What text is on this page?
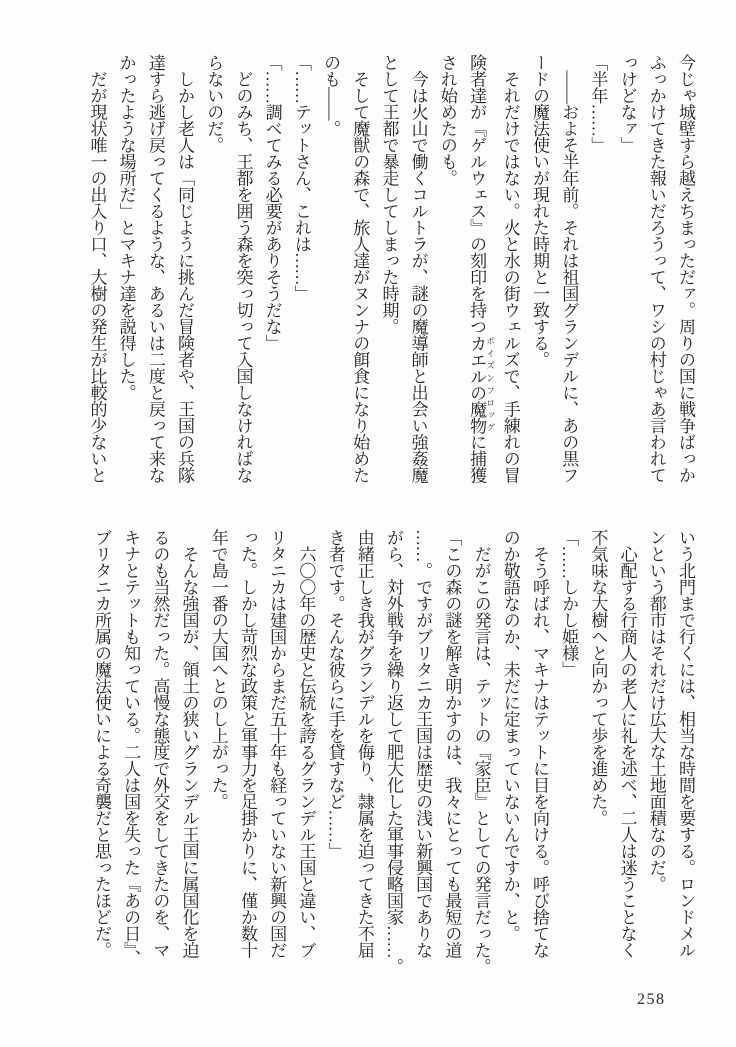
今じゃ城壁すら越えちまっただァ。周りの国に戦争ばっか

ふっかけてきた報いだろうって、ワシの村じゃあ言われて

っけどなァ」

「半年……」

　――およそ半年前。それは祖国グランデルに、あの黒フ

ードの魔法使いが現れた時期と一致する。

　それだけではない。火と水の街ウェルズで、手練れの冒

険者達が『ゲルウェス』の刻印を持つカエルの魔物 ポイズンフロッグに捕獲

され始めたのも。

　今は火山で働くコルトラが、謎の魔導師と出会い強姦魔

として王都で暴走してしまった時期。

　そして魔獣の森で、旅人達がヌンナの餌食になり始めた

のも――。

「……テットさん、これは……」

「……調べてみる必要がありそうだな」

　どのみち、王都を囲う森を突っ切って入国しなければな

らないのだ。

　しかし老人は「同じように挑んだ冒険者や、王国の兵隊

達すら逃げ戻ってくるような、あるいは二度と戻って来な

かったような場所だ」とマキナ達を説得した。

　だが現状唯一の出入り口、大樹の発生が比較的少ないと

いう北門まで行くには、相当な時間を要する。ロンドメル

ンという都市はそれだけ広大な土地面積なのだ。

　心配する行商人の老人に礼を述べ、二人は迷うことなく

不気味な大樹へと向かって歩を進めた。

「……しかし姫様」

　そう呼ばれ、マキナはテットに目を向ける。呼び捨てな

のか敬語なのか、未だに定まっていないんですか、と。

　だがこの発言は、テットの『家臣』としての発言だった。

「この森の謎を解き明かすのは、我々にとっても最短の道

……。ですがブリタニカ王国は歴史の浅い新興国でありな

がら、対外戦争を繰り返して肥大化した軍事侵略国家……。

由緒正しき我がグランデルを侮り、隷属を迫ってきた不届

き者です。そんな彼らに手を貸すなど……」

　六〇〇年の歴史と伝統を誇るグランデル王国と違い、ブ

リタニカは建国からまだ五十年も経っていない新興の国だ

った。しかし苛烈な政策と軍事力を足掛かりに、僅か数十

年で島一番の大国へとのし上がった。

　そんな強国が、領土の狭いグランデル王国に属国化を迫

るのも当然だった。高慢な態度で外交をしてきたのを、マ

キナとテットも知っている。二人は国を失った『あの日』、

ブリタニカ所属の魔法使いによる奇襲だと思ったほどだ。

258
